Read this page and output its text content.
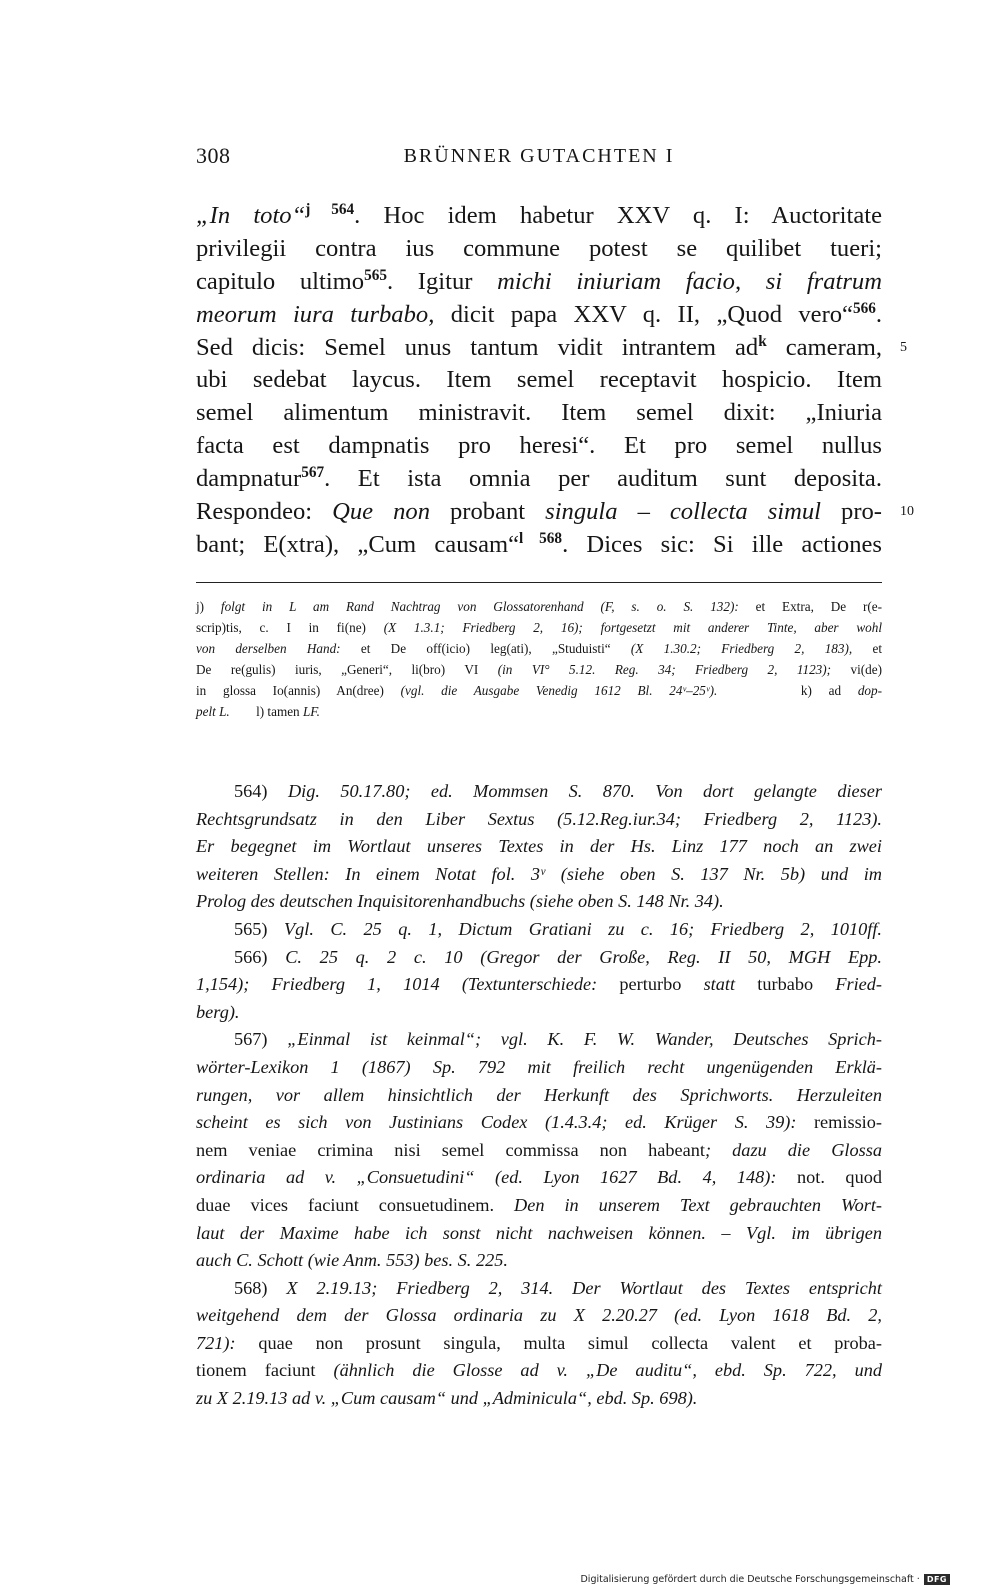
308	BRÜNNER GUTACHTEN I
„In toto“$^{j 564}$. Hoc idem habetur XXV q. I: Auctoritate
privilegii contra ius commune potest se quilibet tueri;
capitulo ultimo$^{565}$. Igitur michi iniuriam facio, si fratrum
meorum iura turbabo, dicit papa XXV q. II, „Quod vero“$^{566}$.
Sed dicis: Semel unus tantum vidit intrantem $ad^k$ cameram, 5
ubi sedebat laycus. Item semel receptavit hospicio. Item
semel alimentum ministravit. Item semel dixit: „Iniuria
facta est dampnatis pro heresi“. Et pro semel nullus
dampnatur$^{567}$. Et ista omnia per auditum sunt deposita.
Respondeo: Que non probant singula – collecta simul pro- 10
bant; E(xtra), „Cum causam“$^{l 568}$. Dices sic: Si ille actiones
j) folgt in L am Rand Nachtrag von Glossatorenhand (F, s. o. S. 132): et Extra, De r(e-
scrip)tis, c. I in fi(ne) (X 1.3.1; Friedberg 2, 16); fortgesetzt mit anderer Tinte, aber wohl
von derselben Hand: et De off(icio) leg(ati), „Studuisti“ (X 1.30.2; Friedberg 2, 183), et
De re(gulis) iuris, „Generi“, li(bro) VI (in VI° 5.12. Reg. 34; Friedberg 2, 1123); vi(de)
in glossa Io(annis) An(dree) (vgl. die Ausgabe Venedig 1612 Bl. 24ᵛ–25ᵛ).     k) ad dop-
pelt L.        l) tamen LF.
564) Dig. 50.17.80; ed. Mommsen S. 870. Von dort gelangte dieser
Rechtsgrundsatz in den Liber Sextus (5.12.Reg.iur.34; Friedberg 2, 1123).
Er begegnet im Wortlaut unseres Textes in der Hs. Linz 177 noch an zwei
weiteren Stellen: In einem Notat fol. 3ᵛ (siehe oben S. 137 Nr. 5b) und im
Prolog des deutschen Inquisitorenhandbuchs (siehe oben S. 148 Nr. 34).
565) Vgl. C. 25 q. 1, Dictum Gratiani zu c. 16; Friedberg 2, 1010ff.
566) C. 25 q. 2 c. 10 (Gregor der Große, Reg. II 50, MGH Epp.
1,154); Friedberg 1, 1014 (Textunterschiede: perturbo statt turbabo Fried-
berg).
567) „Einmal ist keinmal“; vgl. K. F. W. Wander, Deutsches Sprich-
wörter-Lexikon 1 (1867) Sp. 792 mit freilich recht ungenügenden Erklä-
rungen, vor allem hinsichtlich der Herkunft des Sprichworts. Herzuleiten
scheint es sich von Justinians Codex (1.4.3.4; ed. Krüger S. 39): remissio-
nem veniae crimina nisi semel commissa non habeant; dazu die Glossa
ordinaria ad v. „Consuetudini“ (ed. Lyon 1627 Bd. 4, 148): not. quod
duae vices faciunt consuetudinem. Den in unserem Text gebrauchten Wort-
laut der Maxime habe ich sonst nicht nachweisen können. – Vgl. im übrigen
auch C. Schott (wie Anm. 553) bes. S. 225.
568) X 2.19.13; Friedberg 2, 314. Der Wortlaut des Textes entspricht
weitgehend dem der Glossa ordinaria zu X 2.20.27 (ed. Lyon 1618 Bd. 2,
721): quae non prosunt singula, multa simul collecta valent et proba-
tionem faciunt (ähnlich die Glosse ad v. „De auditu“, ebd. Sp. 722, und
zu X 2.19.13 ad v. „Cum causam“ und „Adminicula“, ebd. Sp. 698).
Digitalisierung gefördert durch die Deutsche Forschungsgemeinschaft · DFG
